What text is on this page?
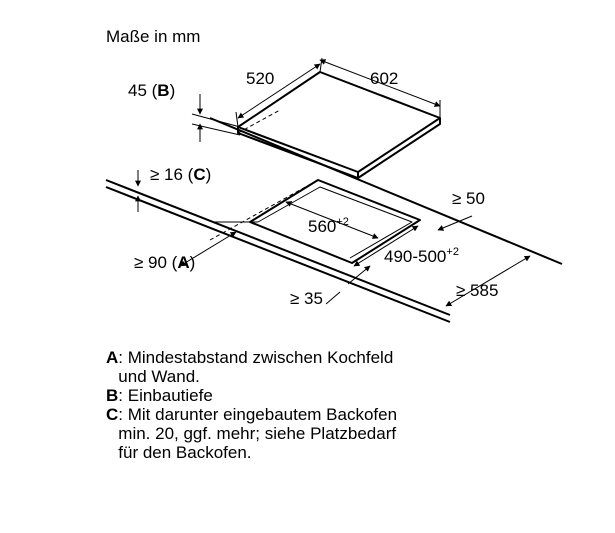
Maße in mm
520	602
45 (B)
≥ 16 (C)
$560^{+2}$
$490-500^{+2}$
≥ 50
≥ 90 (A)
≥ 585
≥ 35
A : Mindestabstand zwischen Kochfeld
und Wand.
B : Einbautiefe
C : Mit darunter eingebautem Backofen
min. 20, ggf. mehr; siehe Platzbedarf
für den Backofen.
